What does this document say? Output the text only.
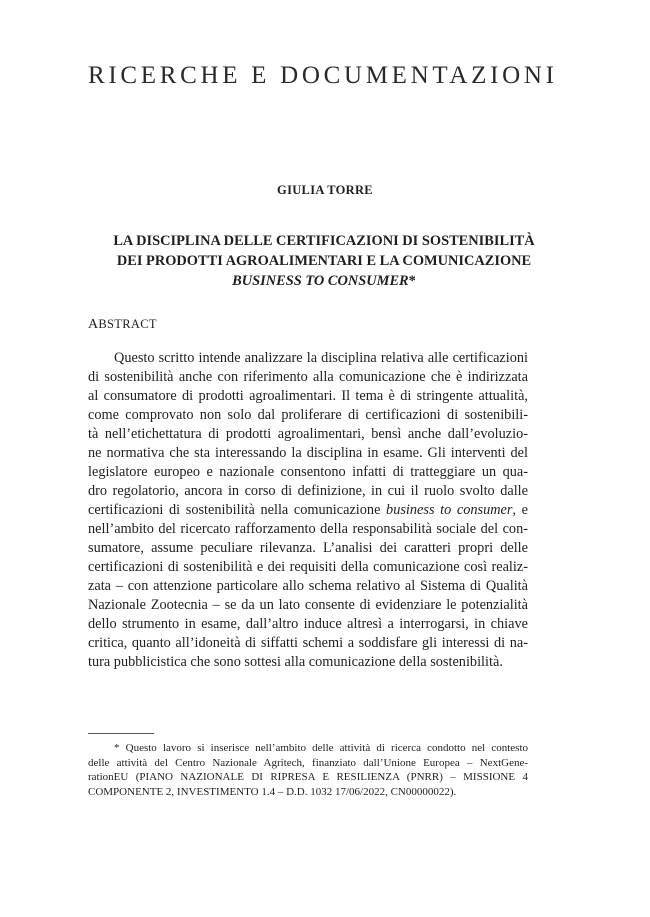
RICERCHE E DOCUMENTAZIONI
GIULIA TORRE
LA DISCIPLINA DELLE CERTIFICAZIONI DI SOSTENIBILITÀ
DEI PRODOTTI AGROALIMENTARI E LA COMUNICAZIONE
BUSINESS TO CONSUMER*
ABSTRACT
Questo scritto intende analizzare la disciplina relativa alle certificazioni
di sostenibilità anche con riferimento alla comunicazione che è indirizzata
al consumatore di prodotti agroalimentari. Il tema è di stringente attualità,
come comprovato non solo dal proliferare di certificazioni di sostenibili-
tà nell’etichettatura di prodotti agroalimentari, bensì anche dall’evoluzio-
ne normativa che sta interessando la disciplina in esame. Gli interventi del
legislatore europeo e nazionale consentono infatti di tratteggiare un qua-
dro regolatorio, ancora in corso di definizione, in cui il ruolo svolto dalle
certificazioni di sostenibilità nella comunicazione business to consumer, e
nell’ambito del ricercato rafforzamento della responsabilità sociale del con-
sumatore, assume peculiare rilevanza. L’analisi dei caratteri propri delle
certificazioni di sostenibilità e dei requisiti della comunicazione così realiz-
zata – con attenzione particolare allo schema relativo al Sistema di Qualità
Nazionale Zootecnia – se da un lato consente di evidenziare le potenzialità
dello strumento in esame, dall’altro induce altresì a interrogarsi, in chiave
critica, quanto all’idoneità di siffatti schemi a soddisfare gli interessi di na-
tura pubblicistica che sono sottesi alla comunicazione della sostenibilità.
* Questo lavoro si inserisce nell’ambito delle attività di ricerca condotto nel contesto
delle attività del Centro Nazionale Agritech, finanziato dall’Unione Europea – NextGene-
rationEU (PIANO NAZIONALE DI RIPRESA E RESILIENZA (PNRR) – MISSIONE 4
COMPONENTE 2, INVESTIMENTO 1.4 – D.D. 1032 17/06/2022, CN00000022).
